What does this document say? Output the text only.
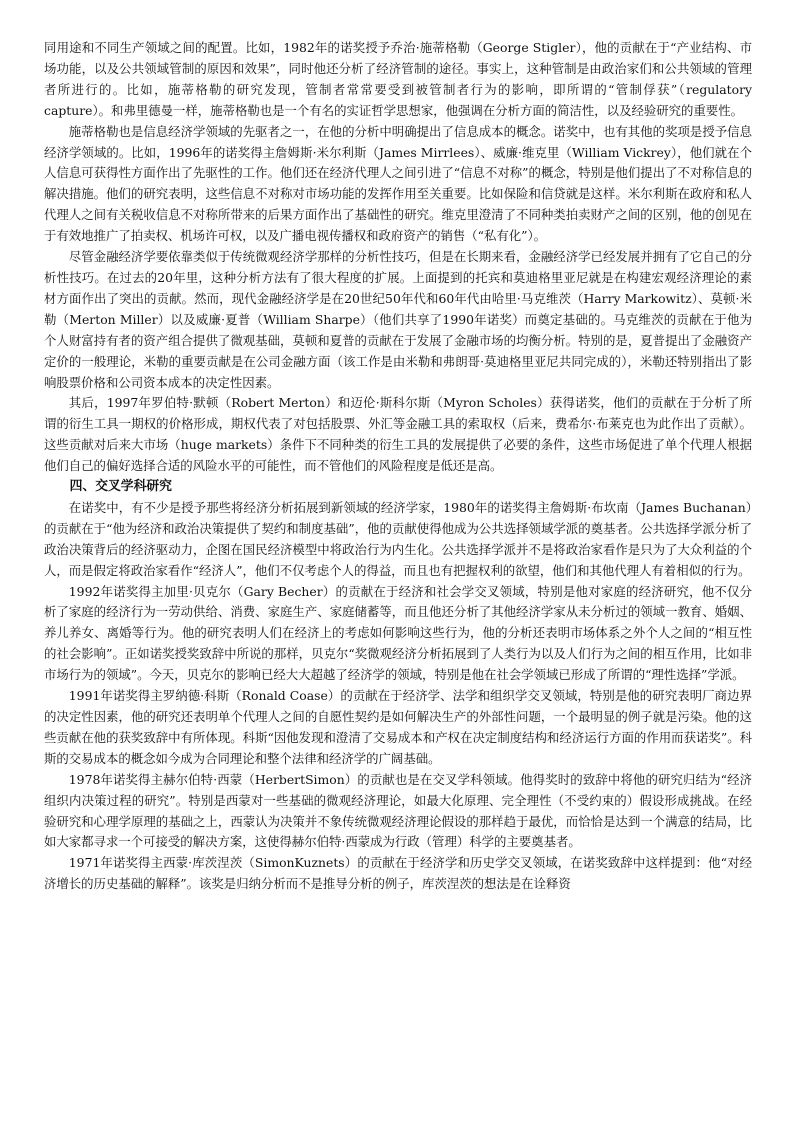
同用途和不同生产领域之间的配置。比如，1982年的诺奖授予乔治·施蒂格勒（George Stigler），他的贡献在于“产业结构、市场功能，以及公共领域管制的原因和效果”，同时他还分析了经济管制的途径。事实上，这种管制是由政治家们和公共领域的管理者所进行的。比如，施蒂格勒的研究发现，管制者常常要受到被管制者行为的影响，即所谓的“管制俘获”（regulatory capture）。和弗里德曼一样，施蒂格勒也是一个有名的实证哲学思想家，他强调在分析方面的简洁性，以及经验研究的重要性。

施蒂格勒也是信息经济学领域的先驱者之一，在他的分析中明确提出了信息成本的概念。诺奖中，也有其他的奖项是授予信息经济学领域的。比如，1996年的诺奖得主詹姆斯·米尔利斯（James Mirrlees）、威廉·维克里（William Vickrey），他们就在个人信息可获得性方面作出了先驱性的工作。他们还在经济代理人之间引进了“信息不对称”的概念，特别是他们提出了不对称信息的解决措施。他们的研究表明，这些信息不对称对市场功能的发挥作用至关重要。比如保险和信贷就是这样。米尔利斯在政府和私人代理人之间有关税收信息不对称所带来的后果方面作出了基础性的研究。维克里澄清了不同种类拍卖财产之间的区别，他的创见在于有效地推广了拍卖权、机场许可权，以及广播电视传播权和政府资产的销售（“私有化”）。

尽管金融经济学要依靠类似于传统微观经济学那样的分析性技巧，但是在长期来看，金融经济学已经发展并拥有了它自己的分析性技巧。在过去的20年里，这种分析方法有了很大程度的扩展。上面提到的托宾和莫迪格里亚尼就是在构建宏观经济理论的素材方面作出了突出的贡献。然而，现代金融经济学是在20世纪50年代和60年代由哈里·马克维茨（Harry Markowitz）、莫顿·米勒（Merton Miller）以及威廉·夏普（William Sharpe）（他们共享了1990年诺奖）而奠定基础的。马克维茨的贡献在于他为个人财富持有者的资产组合提供了微观基础，莫顿和夏普的贡献在于发展了金融市场的均衡分析。特别的是，夏普提出了金融资产定价的一般理论，米勒的重要贡献是在公司金融方面（该工作是由米勒和弗朗哥·莫迪格里亚尼共同完成的），米勒还特别指出了影响股票价格和公司资本成本的决定性因素。

其后，1997年罗伯特·默顿（Robert Merton）和迈伦·斯科尔斯（Myron Scholes）获得诺奖，他们的贡献在于分析了所谓的衍生工具一期权的价格形成，期权代表了对包括股票、外汇等金融工具的索取权（后来，费希尔·布莱克也为此作出了贡献）。这些贡献对后来大市场（huge markets）条件下不同种类的衍生工具的发展提供了必要的条件，这些市场促进了单个代理人根据他们自己的偏好选择合适的风险水平的可能性，而不管他们的风险程度是低还是高。

四、交叉学科研究

在诺奖中，有不少是授予那些将经济分析拓展到新领域的经济学家，1980年的诺奖得主詹姆斯·布坎南（James Buchanan）的贡献在于“他为经济和政治决策提供了契约和制度基础”，他的贡献使得他成为公共选择领域学派的奠基者。公共选择学派分析了政治决策背后的经济驱动力，企图在国民经济模型中将政治行为内生化。公共选择学派并不是将政治家看作是只为了大众利益的个人，而是假定将政治家看作“经济人”，他们不仅考虑个人的得益，而且也有把握权利的欲望，他们和其他代理人有着相似的行为。

1992年诺奖得主加里·贝克尔（Gary Becher）的贡献在于经济和社会学交叉领域，特别是他对家庭的经济研究，他不仅分析了家庭的经济行为一劳动供给、消费、家庭生产、家庭储蓄等，而且他还分析了其他经济学家从未分析过的领域一教育、婚姻、养儿养女、离婚等行为。他的研究表明人们在经济上的考虑如何影响这些行为，他的分析还表明市场体系之外个人之间的“相互性的社会影响”。正如诺奖授奖致辞中所说的那样，贝克尔“奖微观经济分析拓展到了人类行为以及人们行为之间的相互作用，比如非市场行为的领域”。今天，贝克尔的影响已经大大超越了经济学的领域，特别是他在社会学领域已形成了所谓的“理性选择”学派。

1991年诺奖得主罗纳德·科斯（Ronald Coase）的贡献在于经济学、法学和组织学交叉领域，特别是他的研究表明厂商边界的决定性因素，他的研究还表明单个代理人之间的自愿性契约是如何解决生产的外部性问题，一个最明显的例子就是污染。他的这些贡献在他的获奖致辞中有所体现。科斯“因他发现和澄清了交易成本和产权在决定制度结构和经济运行方面的作用而获诺奖”。科斯的交易成本的概念如今成为合同理论和整个法律和经济学的广阔基础。

1978年诺奖得主赫尔伯特·西蒙（HerbertSimon）的贡献也是在交叉学科领域。他得奖时的致辞中将他的研究归结为“经济组织内决策过程的研究”。特别是西蒙对一些基础的微观经济理论，如最大化原理、完全理性（不受约束的）假设形成挑战。在经验研究和心理学原理的基础之上，西蒙认为决策并不象传统微观经济理论假设的那样趋于最优，而恰恰是达到一个满意的结局，比如大家都寻求一个可接受的解决方案，这使得赫尔伯特·西蒙成为行政（管理）科学的主要奠基者。

1971年诺奖得主西蒙·库茨涅茨（SimonKuznets）的贡献在于经济学和历史学交叉领域，在诺奖致辞中这样提到：他“对经济增长的历史基础的解释”。该奖是归纳分析而不是推导分析的例子，库茨涅茨的想法是在诠释资
